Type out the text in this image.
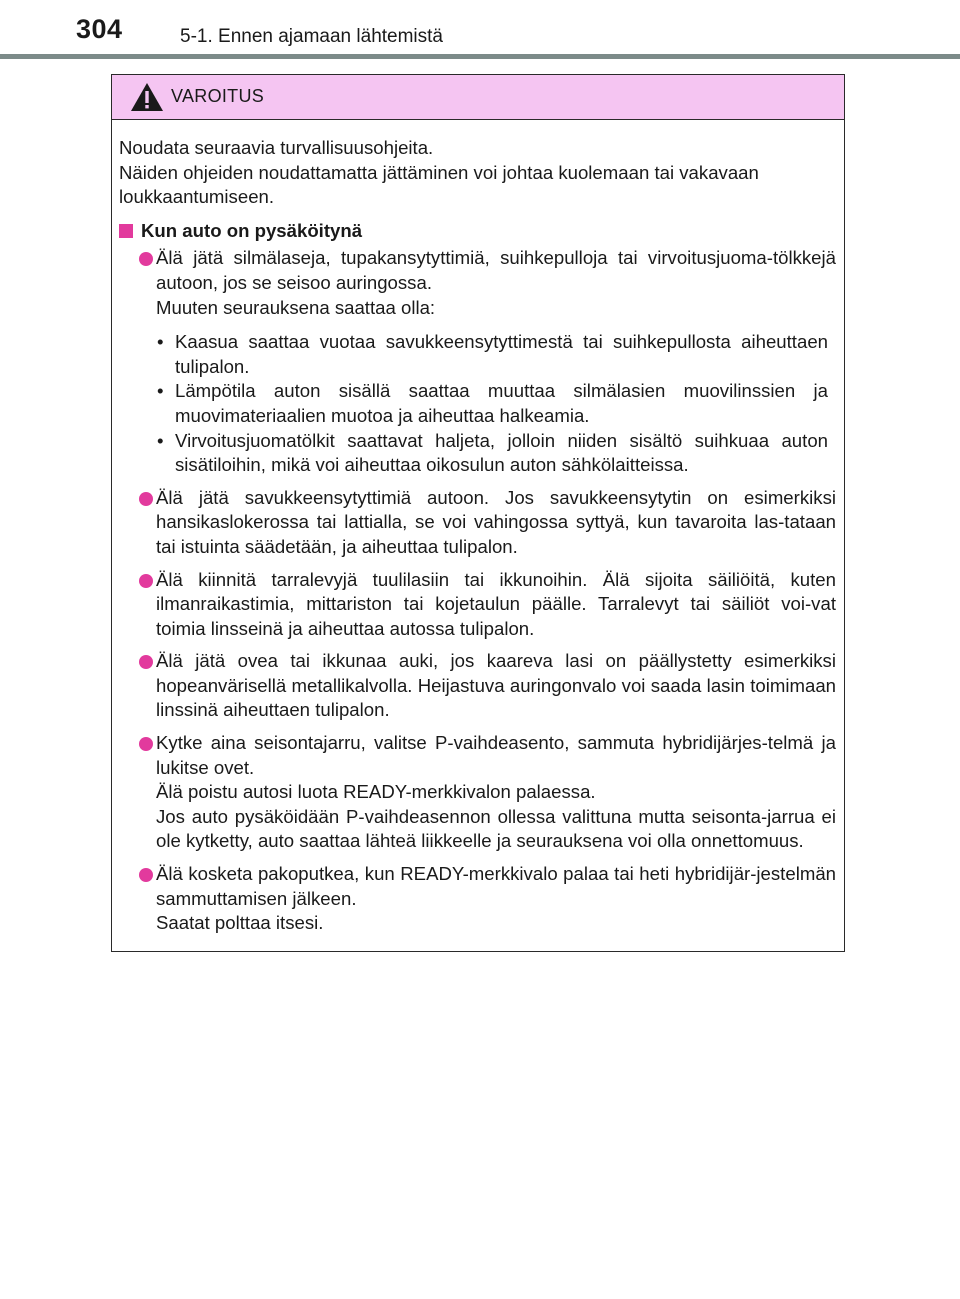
304	5-1. Ennen ajamaan lähtemistä
VAROITUS

Noudata seuraavia turvallisuusohjeita.

Näiden ohjeiden noudattamatta jättäminen voi johtaa kuolemaan tai vakavaan loukkaantumiseen.

Kun auto on pysäköitynä

Älä jätä silmälaseja, tupakansytyttimiä, suihkepulloja tai virvoitusjuoma-tölkkejä autoon, jos se seisoo auringossa.

Muuten seurauksena saattaa olla:

• Kaasua saattaa vuotaa savukkeensytyttimestä tai suihkepullosta aiheuttaen tulipalon.
• Lämpötila auton sisällä saattaa muuttaa silmälasien muovilinssien ja muovimateriaalien muotoa ja aiheuttaa halkeamia.
• Virvoitusjuomatölkit saattavat haljeta, jolloin niiden sisältö suihkuaa auton sisätiloihin, mikä voi aiheuttaa oikosulun auton sähkölaitteissa.

Älä jätä savukkeensytyttimiä autoon. Jos savukkeensytytin on esimerkiksi hansikaslokerossa tai lattialla, se voi vahingossa syttyä, kun tavaroita las-tataan tai istuinta säädetään, ja aiheuttaa tulipalon.

Älä kiinnitä tarralevyjä tuulilasiin tai ikkunoihin. Älä sijoita säiliöitä, kuten ilmanraikastimia, mittariston tai kojetaulun päälle. Tarralevyt tai säiliöt voi-vat toimia linsseinä ja aiheuttaa autossa tulipalon.

Älä jätä ovea tai ikkunaa auki, jos kaareva lasi on päällystetty esimerkiksi hopeanvärisellä metallikalvolla. Heijastuva auringonvalo voi saada lasin toimimaan linssinä aiheuttaen tulipalon.

Kytke aina seisontajarru, valitse P-vaihdeasento, sammuta hybridijärjes-telmä ja lukitse ovet.

Älä poistu autosi luota READY-merkkivalon palaessa.

Jos auto pysäköidään P-vaihdeasennon ollessa valittuna mutta seisonta-jarrua ei ole kytketty, auto saattaa lähteä liikkeelle ja seurauksena voi olla onnettomuus.

Älä kosketa pakoputkea, kun READY-merkkivalo palaa tai heti hybridijär-jestelmän sammuttamisen jälkeen.

Saatat polttaa itsesi.
